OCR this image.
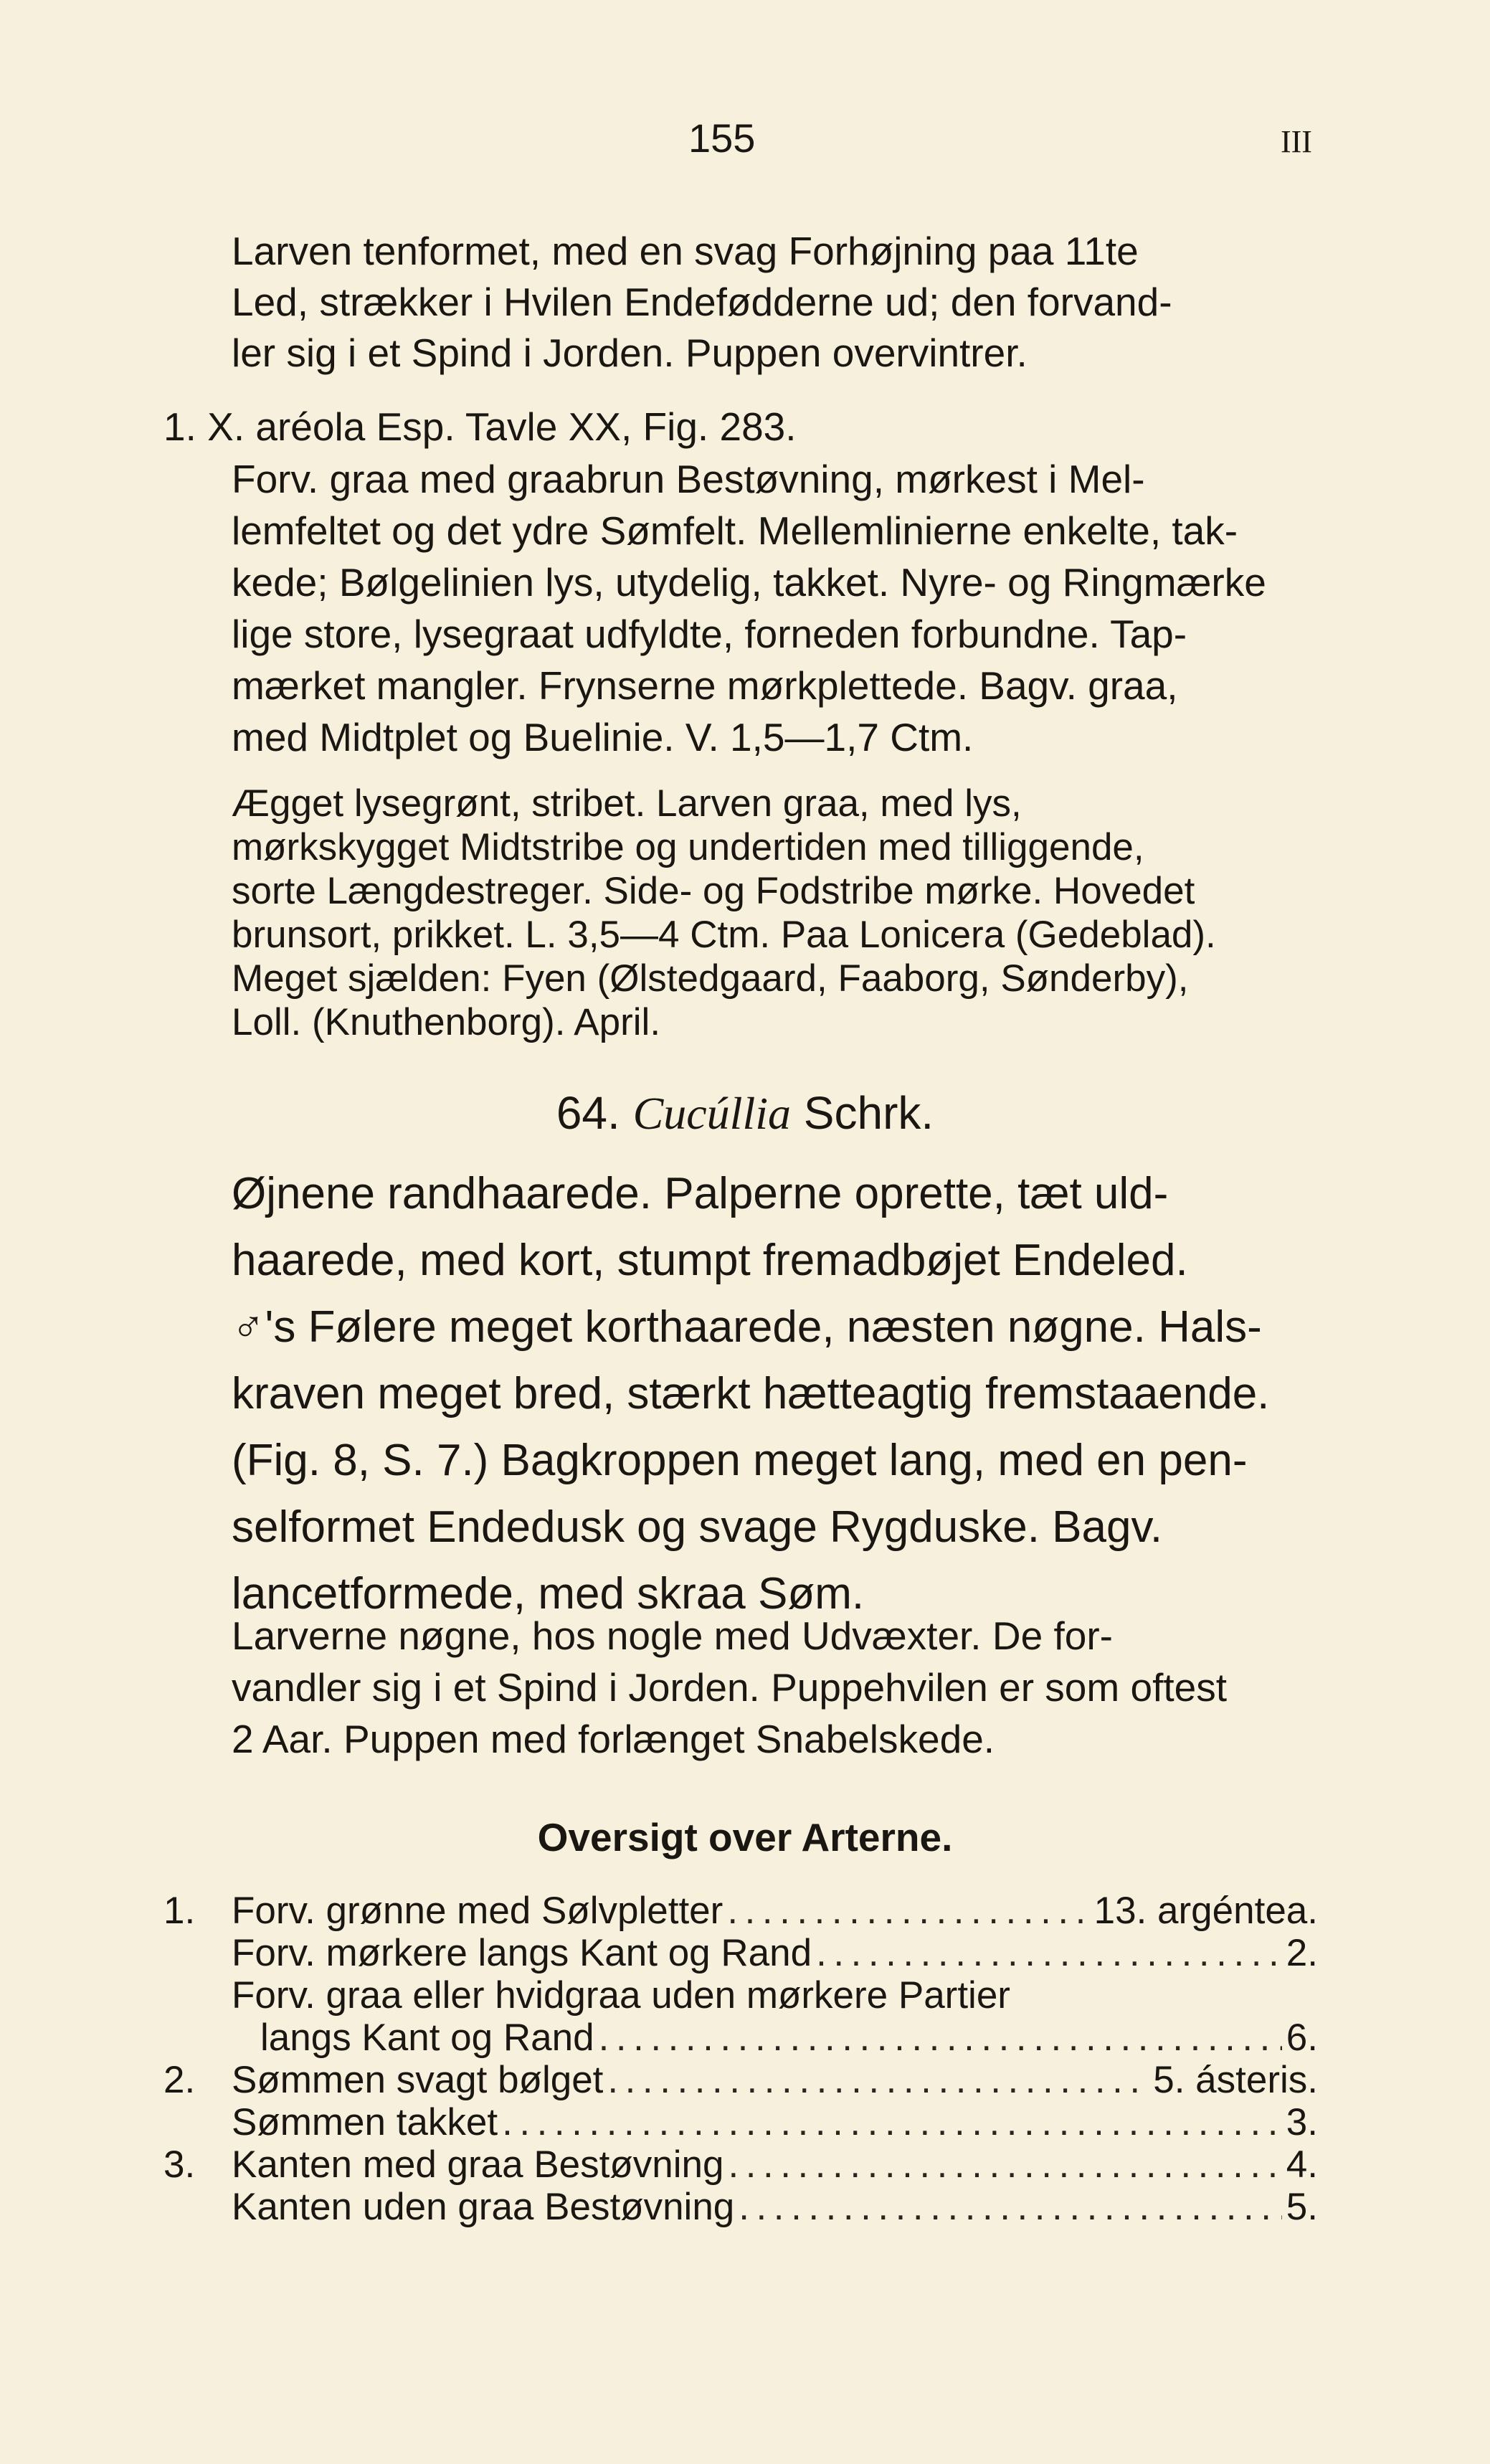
155	III
Larven tenformet, med en svag Forhøjning paa 11te
Led, strækker i Hvilen Endefødderne ud; den forvand-
ler sig i et Spind i Jorden. Puppen overvintrer.
1. X. aréola Esp. Tavle XX, Fig. 283.
Forv. graa med graabrun Bestøvning, mørkest i Mel-
lemfeltet og det ydre Sømfelt. Mellemlinierne enkelte, tak-
kede; Bølgelinien lys, utydelig, takket. Nyre- og Ringmærke
lige store, lysegraat udfyldte, forneden forbundne. Tap-
mærket mangler. Frynserne mørkplettede. Bagv. graa,
med Midtplet og Buelinie. V. 1,5—1,7 Ctm.
Ægget lysegrønt, stribet. Larven graa, med lys,
mørkskygget Midtstribe og undertiden med tilliggende,
sorte Længdestreger. Side- og Fodstribe mørke. Hovedet
brunsort, prikket. L. 3,5—4 Ctm. Paa Lonicera (Gedeblad).
Meget sjælden: Fyen (Ølstedgaard, Faaborg, Sønderby),
Loll. (Knuthenborg). April.
64. Cucúllia Schrk.
Øjnene randhaarede. Palperne oprette, tæt uld-
haarede, med kort, stumpt fremadbøjet Endeled.
♂'s Følere meget korthaarede, næsten nøgne. Hals-
kraven meget bred, stærkt hætteagtig fremstaaende.
(Fig. 8, S. 7.) Bagkroppen meget lang, med en pen-
selformet Endedusk og svage Rygduske. Bagv.
lancetformede, med skraa Søm.
Larverne nøgne, hos nogle med Udvæxter. De for-
vandler sig i et Spind i Jorden. Puppehvilen er som oftest
2 Aar. Puppen med forlænget Snabelskede.
Oversigt over Arterne.
1. Forv. grønne med Sølvpletter .....	13. argéntea.
Forv. mørkere langs Kant og Rand .....	2.
Forv. graa eller hvidgraa uden mørkere Partier
langs Kant og Rand .....	6.
2. Sømmen svagt bølget .....	5. ásteris.
Sømmen takket .....	3.
3. Kanten med graa Bestøvning .....	4.
Kanten uden graa Bestøvning .....	5.
